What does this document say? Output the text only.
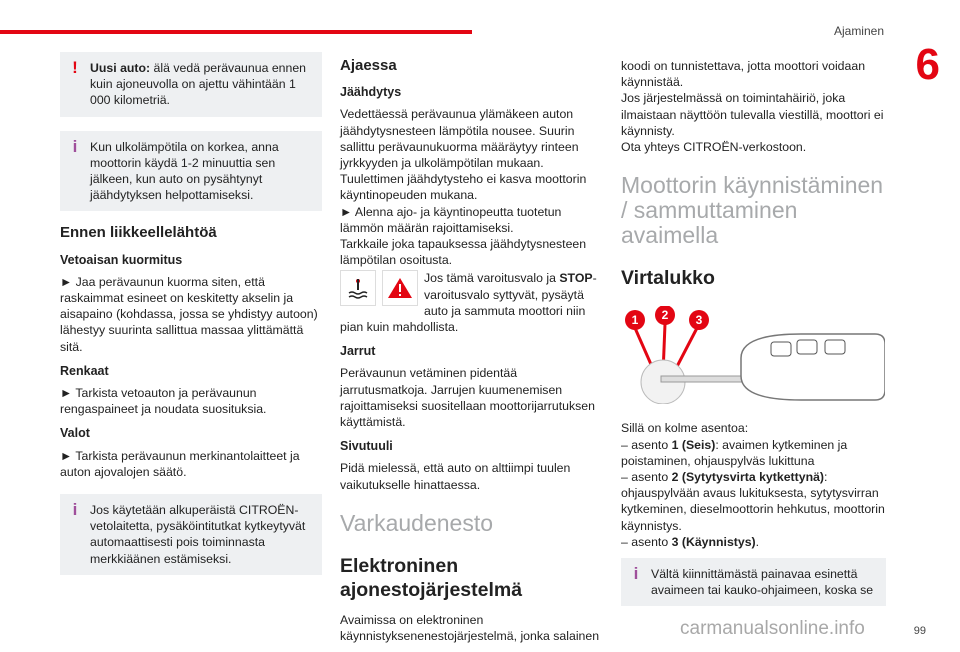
Ajaminen
6
! Uusi auto: älä vedä perävaunua ennen kuin ajoneuvolla on ajettu vähintään 1 000 kilometriä.

i	Kun ulkolämpötila on korkea, anna moottorin käydä 1-2 minuuttia sen jälkeen, kun auto on pysähtynyt jäähdytyksen helpottamiseksi.

Ennen liikkeellelähtöä
Vetoaisan kuormitus

► Jaa perävaunun kuorma siten, että raskaimmat esineet on keskitetty akselin ja aisapaino (kohdassa, jossa se yhdistyy autoon) lähestyy suurinta sallittua massaa ylittämättä sitä.

Renkaat

► Tarkista vetoauton ja perävaunun rengaspaineet ja noudata suosituksia.

Valot

► Tarkista perävaunun merkinantolaitteet ja auton ajovalojen säätö.

i	Jos käytetään alkuperäistä CITROËN-vetolaitetta, pysäköintitutkat kytkeytyvät automaattisesti pois toiminnasta merkkiäänen estämiseksi.

Ajaessa
Jäähdytys

Vedettäessä perävaunua ylämäkeen auton jäähdytysnesteen lämpötila nousee. Suurin sallittu perävaunukuorma määräytyy rinteen jyrkkyyden ja ulkolämpötilan mukaan. Tuulettimen jäähdytysteho ei kasva moottorin käyntinopeuden mukana.

► Alenna ajo- ja käyntinopeutta tuotetun lämmön määrän rajoittamiseksi.

Tarkkaile joka tapauksessa jäähdytysnesteen lämpötilan osoitusta.

Jos tämä varoitusvalo ja STOP-varoitusvalo syttyvät, pysäytä auto ja sammuta moottori niin pian kuin mahdollista.
Jarrut

Perävaunun vetäminen pidentää jarrutusmatkoja. Jarrujen kuumenemisen rajoittamiseksi suositellaan moottorijarrutuksen käyttämistä.

Sivutuuli

Pidä mielessä, että auto on alttiimpi tuulen vaikutukselle hinattaessa.

Varkaudenesto
Elektroninen ajonestojärjestelmä

Avaimissa on elektroninen käynnistyksenenestojärjestelmä, jonka salainen

koodi on tunnistettava, jotta moottori voidaan käynnistää.

Jos järjestelmässä on toimintahäiriö, joka ilmaistaan näyttöön tulevalla viestillä, moottori ei käynnisty.

Ota yhteys CITROËN-verkostoon.

Moottorin käynnistäminen / sammuttaminen avaimella
Virtalukko
1 2 3

Sillä on kolme asentoa:

– asento 1 (Seis): avaimen kytkeminen ja poistaminen, ohjauspylväs lukittuna

– asento 2 (Sytytysvirta kytkettynä): ohjauspylvään avaus lukituksesta, sytytysvirran kytkeminen, dieselmoottorin hehkutus, moottorin käynnistys.

– asento 3 (Käynnistys).

i	Vältä kiinnittämästä painavaa esinettä avaimeen tai kauko-ohjaimeen, koska se

carmanualsonline.info	99
